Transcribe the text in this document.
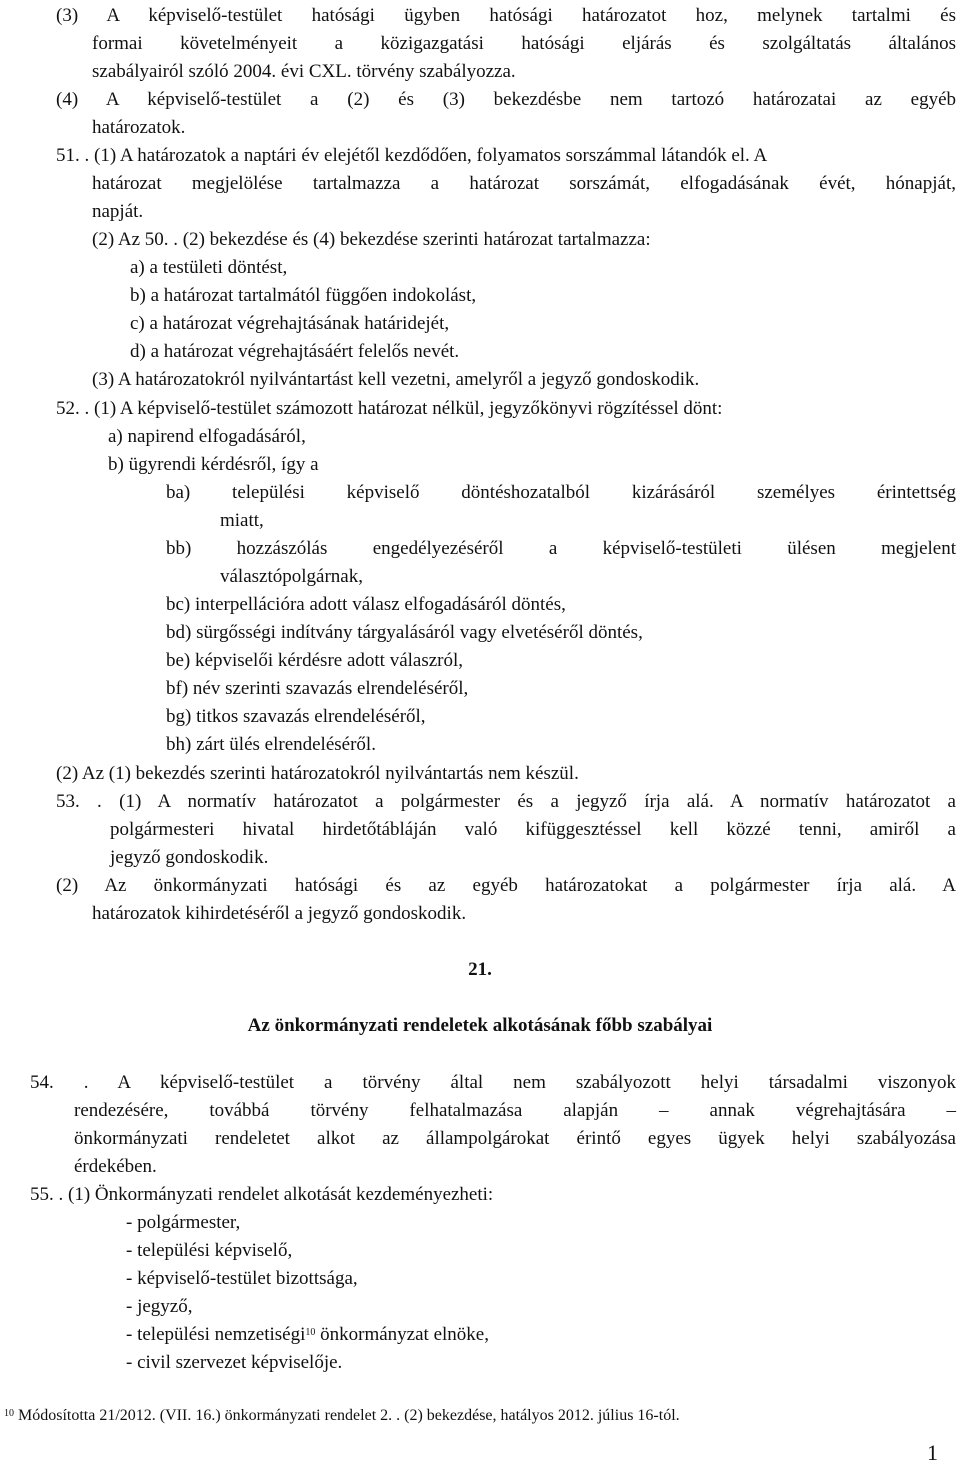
(3) A képviselő-testület hatósági ügyben hatósági határozatot hoz, melynek tartalmi és
formai követelményeit a közigazgatási hatósági eljárás és szolgáltatás általános
szabályairól szóló 2004. évi CXL. törvény szabályozza.
(4) A képviselő-testület a (2) és (3) bekezdésbe nem tartozó határozatai az egyéb
határozatok.
51. . (1) A határozatok a naptári év elejétől kezdődően, folyamatos sorszámmal látandók el. A
határozat megjelölése tartalmazza a határozat sorszámát, elfogadásának évét, hónapját,
napját.
(2) Az 50. . (2) bekezdése és (4) bekezdése szerinti határozat tartalmazza:
a) a testületi döntést,
b) a határozat tartalmától függően indokolást,
c) a határozat végrehajtásának határidejét,
d) a határozat végrehajtásáért felelős nevét.
(3) A határozatokról nyilvántartást kell vezetni, amelyről a jegyző gondoskodik.
52. . (1) A képviselő-testület számozott határozat nélkül, jegyzőkönyvi rögzítéssel dönt:
a) napirend elfogadásáról,
b) ügyrendi kérdésről, így a
ba) települési képviselő döntéshozatalból kizárásáról személyes érintettség
miatt,
bb) hozzászólás engedélyezéséről a képviselő-testületi ülésen megjelent
választópolgárnak,
bc) interpellációra adott válasz elfogadásáról döntés,
bd) sürgősségi indítvány tárgyalásáról vagy elvetéséről döntés,
be) képviselői kérdésre adott válaszról,
bf) név szerinti szavazás elrendeléséről,
bg) titkos szavazás elrendeléséről,
bh) zárt ülés elrendeléséről.
(2) Az (1) bekezdés szerinti határozatokról nyilvántartás nem készül.
53. . (1) A normatív határozatot a polgármester és a jegyző írja alá. A normatív határozatot a
polgármesteri hivatal hirdetőtábláján való kifüggesztéssel kell közzé tenni, amiről a
jegyző gondoskodik.
(2) Az önkormányzati hatósági és az egyéb határozatokat a polgármester írja alá. A
határozatok kihirdetéséről a jegyző gondoskodik.
21.
Az önkormányzati rendeletek alkotásának főbb szabályai
54. . A képviselő-testület a törvény által nem szabályozott helyi társadalmi viszonyok
rendezésére, továbbá törvény felhatalmazása alapján – annak végrehajtására –
önkormányzati rendeletet alkot az állampolgárokat érintő egyes ügyek helyi szabályozása
érdekében.
55. . (1) Önkormányzati rendelet alkotását kezdeményezheti:
- polgármester,
- települési képviselő,
- képviselő-testület bizottsága,
- jegyző,
- települési nemzetiségi$^{10}$ önkormányzat elnöke,
- civil szervezet képviselője.
$^{10}$ Módosította 21/2012. (VII. 16.) önkormányzati rendelet 2. . (2) bekezdése, hatályos 2012. július 16-tól.
1
